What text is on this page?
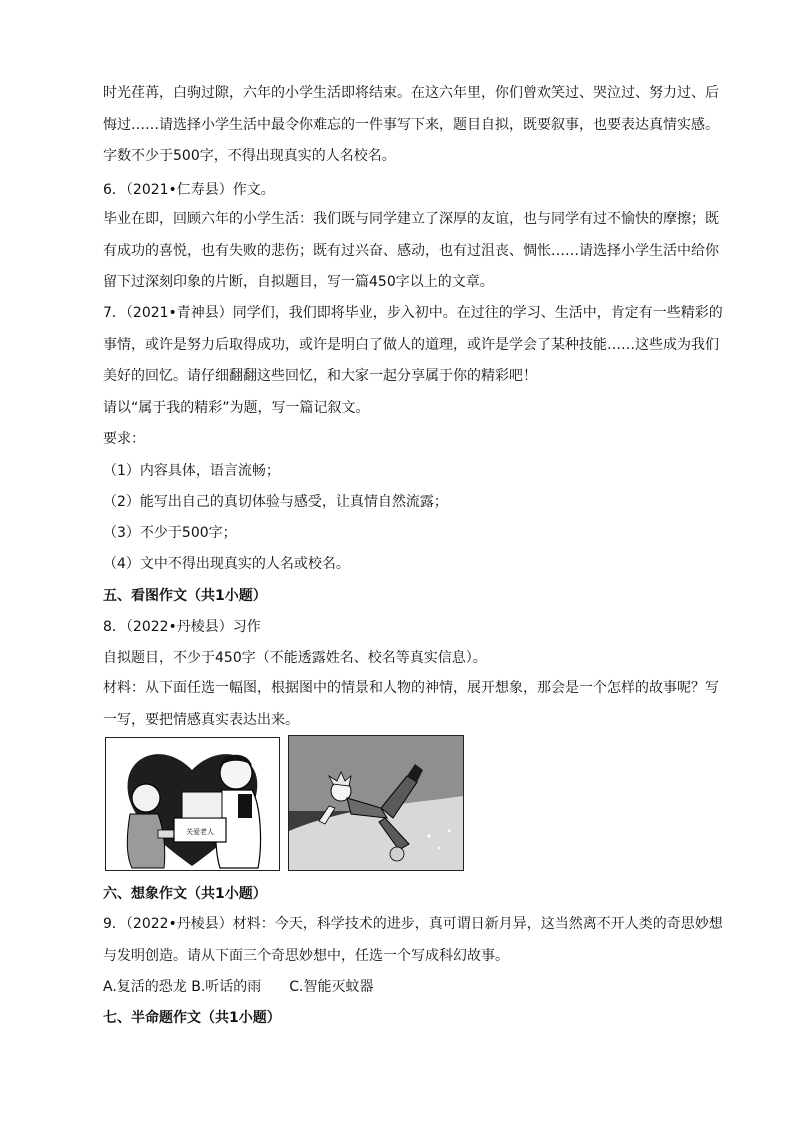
时光荏苒，白驹过隙，六年的小学生活即将结束。在这六年里，你们曾欢笑过、哭泣过、努力过、后悔过……请选择小学生活中最令你难忘的一件事写下来，题目自拟，既要叙事，也要表达真情实感。字数不少于500字，不得出现真实的人名校名。

6．（2021•仁寿县）作文。

毕业在即，回顾六年的小学生活：我们既与同学建立了深厚的友谊，也与同学有过不愉快的摩擦；既有成功的喜悦，也有失败的悲伤；既有过兴奋、感动，也有过沮丧、惆怅……请选择小学生活中给你留下过深刻印象的片断，自拟题目，写一篇450字以上的文章。

7．（2021•青神县）同学们，我们即将毕业，步入初中。在过往的学习、生活中，肯定有一些精彩的事情，或许是努力后取得成功，或许是明白了做人的道理，或许是学会了某种技能……这些成为我们美好的回忆。请仔细翻翻这些回忆，和大家一起分享属于你的精彩吧！

请以“属于我的精彩”为题，写一篇记叙文。
要求：
（1）内容具体，语言流畅；
（2）能写出自己的真切体验与感受，让真情自然流露；
（3）不少于500字；
（4）文中不得出现真实的人名或校名。
五、看图作文（共1小题）
8．（2022•丹棱县）习作
自拟题目，不少于450字（不能透露姓名、校名等真实信息）。

材料：从下面任选一幅图，根据图中的情景和人物的神情，展开想象，那会是一个怎样的故事呢？写一写，要把情感真实表达出来。

关爱老人
六、想象作文（共1小题）

9．（2022•丹棱县）材料：今天，科学技术的进步，真可谓日新月异，这当然离不开人类的奇思妙想与发明创造。请从下面三个奇思妙想中，任选一个写成科幻故事。

A.复活的恐龙 B.听话的雨　　C.智能灭蚊器
七、半命题作文（共1小题）
